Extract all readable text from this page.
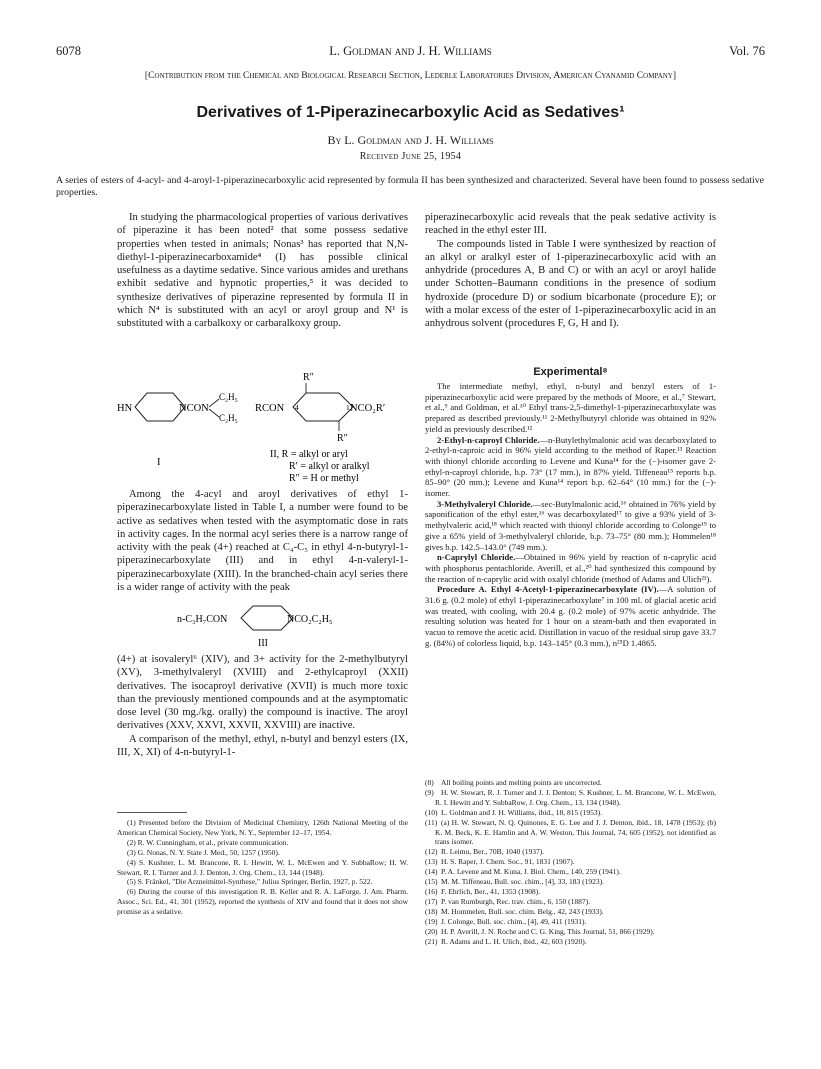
6078	L. Goldman and J. H. Williams	Vol. 76
[Contribution from the Chemical and Biological Research Section, Lederle Laboratories Division, American Cyanamid Company]
Derivatives of 1-Piperazinecarboxylic Acid as Sedatives¹
By L. Goldman and J. H. Williams
Received June 25, 1954
A series of esters of 4-acyl- and 4-aroyl-1-piperazinecarboxylic acid represented by formula II has been synthesized and characterized. Several have been found to possess sedative properties.

In studying the pharmacological properties of various derivatives of piperazine it has been noted² that some possess sedative properties when tested in animals; Nonas³ has reported that N,N-diethyl-1-piperazinecarboxamide⁴ (I) has possible clinical usefulness as a daytime sedative. Since various amides and urethans exhibit sedative and hypnotic properties,⁵ it was decided to synthesize derivatives of piperazine represented by formula II in which N⁴ is substituted with an acyl or aroyl group and N¹ is substituted with a carbalkoxy or carbaralkoxy group.

HN	NCON
C₂H₅
C₂H₅
I
R″
RCON 4	1 NCO₂R′
R″
II, R = alkyl or aryl
R′ = alkyl or aralkyl
R″ = H or methyl

Among the 4-acyl and aroyl derivatives of ethyl 1-piperazinecarboxylate listed in Table I, a number were found to be active as sedatives when tested with the asymptomatic dose in rats in activity cages. In the normal acyl series there is a narrow range of activity with the peak (4+) reached at C₄-C₅ in ethyl 4-n-butyryl-1-piperazinecarboxylate (III) and in ethyl 4-n-valeryl-1-piperazinecarboxylate (XIII). In the branched-chain acyl series there is a wider range of activity with the peak

n-C₃H₇CON	NCO₂C₂H₅
III

(4+) at isovaleryl⁶ (XIV), and 3+ activity for the 2-methylbutyryl (XV), 3-methylvaleryl (XVIII) and 2-ethylcaproyl (XXII) derivatives. The isocaproyl derivative (XVII) is much more toxic than the previously mentioned compounds and at the asymptomatic dose level (30 mg./kg. orally) the compound is inactive. The aroyl derivatives (XXV, XXVI, XXVII, XXVIII) are inactive.

A comparison of the methyl, ethyl, n-butyl and benzyl esters (IX, III, X, XI) of 4-n-butyryl-1-

(1) Presented before the Division of Medicinal Chemistry, 126th National Meeting of the American Chemical Society, New York, N. Y., September 12–17, 1954.

(2) R. W. Cunningham, et al., private communication.

(3) G. Nonas, N. Y. State J. Med., 50, 1257 (1950).

(4) S. Kushner, L. M. Brancone, R. I. Hewitt, W. L. McEwen and Y. SubbaRow; H. W. Stewart, R. I. Turner and J. J. Denton, J. Org. Chem., 13, 144 (1948).

(5) S. Fränkel, "Die Arzneimittel-Synthese," Julius Springer, Berlin, 1927, p. 522.

(6) During the course of this investigation R. B. Keller and R. A. LaForge, J. Am. Pharm. Assoc., Sci. Ed., 41, 301 (1952), reported the synthesis of XIV and found that it does not show promise as a sedative.

piperazinecarboxylic acid reveals that the peak sedative activity is reached in the ethyl ester III.

The compounds listed in Table I were synthesized by reaction of an alkyl or aralkyl ester of 1-piperazinecarboxylic acid with an anhydride (procedures A, B and C) or with an acyl or aroyl halide under Schotten–Baumann conditions in the presence of sodium hydroxide (procedure D) or sodium bicarbonate (procedure E); or with a molar excess of the ester of 1-piperazinecarboxylic acid in an anhydrous solvent (procedures F, G, H and I).

Experimental⁸

The intermediate methyl, ethyl, n-butyl and benzyl esters of 1-piperazinecarboxylic acid were prepared by the methods of Moore, et al.,⁷ Stewart, et al.,⁹ and Goldman, et al.¹⁰ Ethyl trans-2,5-dimethyl-1-piperazinecarboxylate was prepared as described previously.¹¹ 2-Methylbutyryl chloride was obtained in 92% yield as previously described.¹²

2-Ethyl-n-caproyl Chloride.—n-Butylethylmalonic acid was decarboxylated to 2-ethyl-n-caproic acid in 96% yield according to the method of Raper.¹³ Reaction with thionyl chloride according to Levene and Kuna¹⁴ for the (−)-isomer gave 2-ethyl-n-caproyl chloride, b.p. 73° (17 mm.), in 87% yield. Tiffeneau¹⁵ reports b.p. 85–90° (20 mm.); Levene and Kuna¹⁴ report b.p. 62–64° (10 mm.) for the (−)-isomer.

3-Methylvaleryl Chloride.—sec-Butylmalonic acid,¹⁶ obtained in 76% yield by saponification of the ethyl ester,¹⁶ was decarboxylated¹⁷ to give a 93% yield of 3-methylvaleric acid,¹⁸ which reacted with thionyl chloride according to Colonge¹⁹ to give a 65% yield of 3-methylvaleryl chloride, b.p. 73–75° (80 mm.); Hommelen¹⁸ gives b.p. 142.5–143.0° (749 mm.).

n-Caprylyl Chloride.—Obtained in 96% yield by reaction of n-caprylic acid with phosphorus pentachloride. Averill, et al.,²⁰ had synthesized this compound by the reaction of n-caprylic acid with oxalyl chloride (method of Adams and Ulich²¹).

Procedure A. Ethyl 4-Acetyl-1-piperazinecarboxylate (IV).—A solution of 31.6 g. (0.2 mole) of ethyl 1-piperazinecarboxylate⁷ in 100 ml. of glacial acetic acid was treated, with cooling, with 20.4 g. (0.2 mole) of 97% acetic anhydride. The resulting solution was heated for 1 hour on a steam-bath and then evaporated in vacuo to remove the acetic acid. Distillation in vacuo of the residual sirup gave 33.7 g. (84%) of colorless liquid, b.p. 143–145° (0.3 mm.), n²⁵D 1.4865.

(8) All boiling points and melting points are uncorrected.

(9) H. W. Stewart, R. J. Turner and J. J. Denton; S. Kushner, L. M. Brancone, W. L. McEwen, R. I. Hewitt and Y. SubbaRow, J. Org. Chem., 13, 134 (1948).

(10) L. Goldman and J. H. Williams, ibid., 18, 815 (1953).

(11) (a) H. W. Stewart, N. Q. Quinones, E. G. Lee and J. J. Denton, ibid., 18, 1478 (1953); (b) K. M. Beck, K. E. Hamlin and A. W. Weston, This Journal, 74, 605 (1952), not identified as trans isomer.

(12) R. Leimu, Ber., 70B, 1040 (1937).

(13) H. S. Raper, J. Chem. Soc., 91, 1831 (1907).

(14) P. A. Levene and M. Kuna, J. Biol. Chem., 140, 259 (1941).

(15) M. M. Tiffeneau, Bull. soc. chim., [4], 33, 183 (1923).

(16) F. Ehrlich, Ber., 41, 1353 (1908).

(17) P. van Rumburgh, Rec. trav. chim., 6, 150 (1887).

(18) M. Hommelen, Bull. soc. chim. Belg., 42, 243 (1933).

(19) J. Colonge, Bull. soc. chim., [4], 49, 411 (1931).

(20) H. P. Averill, J. N. Roche and C. G. King, This Journal, 51, 866 (1929).

(21) R. Adams and L. H. Ulich, ibid., 42, 603 (1920).
